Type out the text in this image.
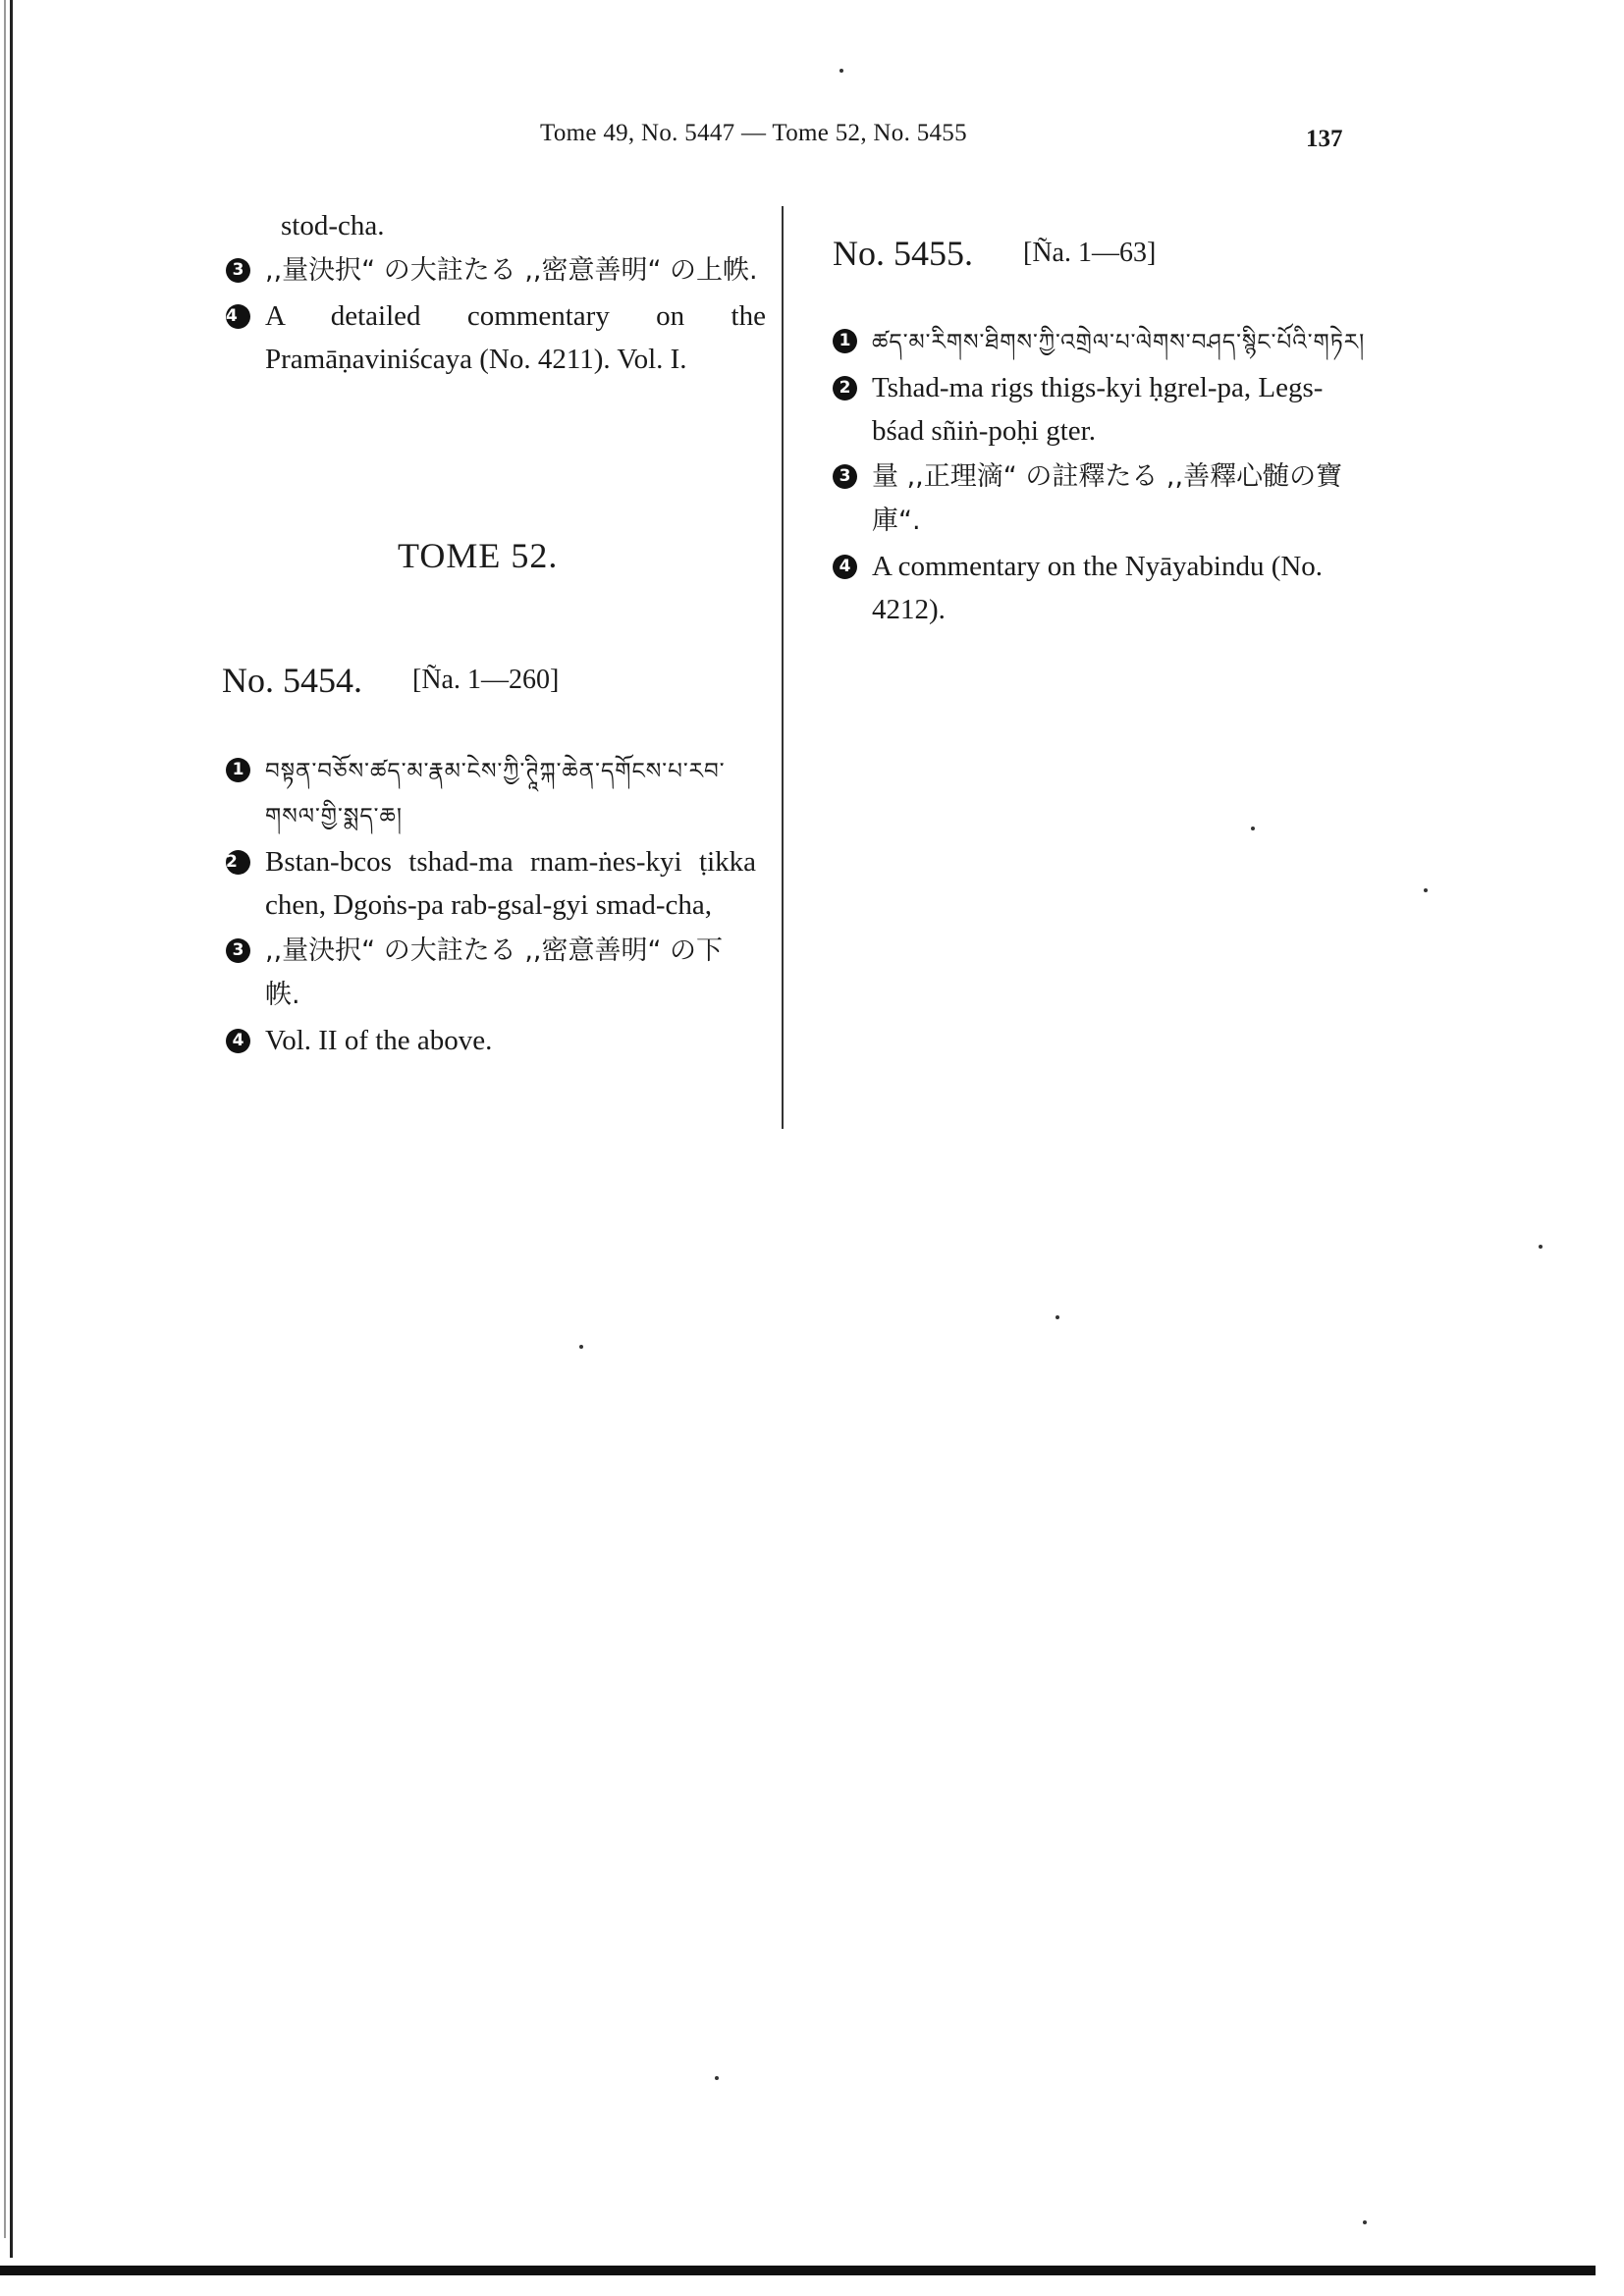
Tome 49, No. 5447 — Tome 52, No. 5455	137
stod-cha.
3 ,,量決択“ の大註たる ,,密意善明“ の上帙.
4 A detailed commentary on the Pramāṇaviniścaya (No. 4211). Vol. I.
TOME 52.
No. 5454. [Ña. 1—260]
1 བསྟན་བཅོས་ཚད་མ་རྣམ་ངེས་ཀྱི་ཊཱིཀྐ་ཆེན་དགོངས་པ་རབ་གསལ་གྱི་སྨད་ཆ།
2 Bstan-bcos tshad-ma rnam-ṅes-kyi ṭikka chen, Dgoṅs-pa rab-gsal-gyi smad-cha,
3 ,,量決択“ の大註たる ,,密意善明“ の下帙.
4 Vol. II of the above.
No. 5455. [Ña. 1—63]
1 ཚད་མ་རིགས་ཐིགས་ཀྱི་འགྲེལ་པ་ལེགས་བཤད་སྙིང་པོའི་གཏེར།
2 Tshad-ma rigs thigs-kyi ḥgrel-pa, Legs-bśad sñiṅ-poḥi gter.
3 量 ,,正理滴“ の註釋たる ,,善釋心髄の寶庫“.
4 A commentary on the Nyāyabindu (No. 4212).
